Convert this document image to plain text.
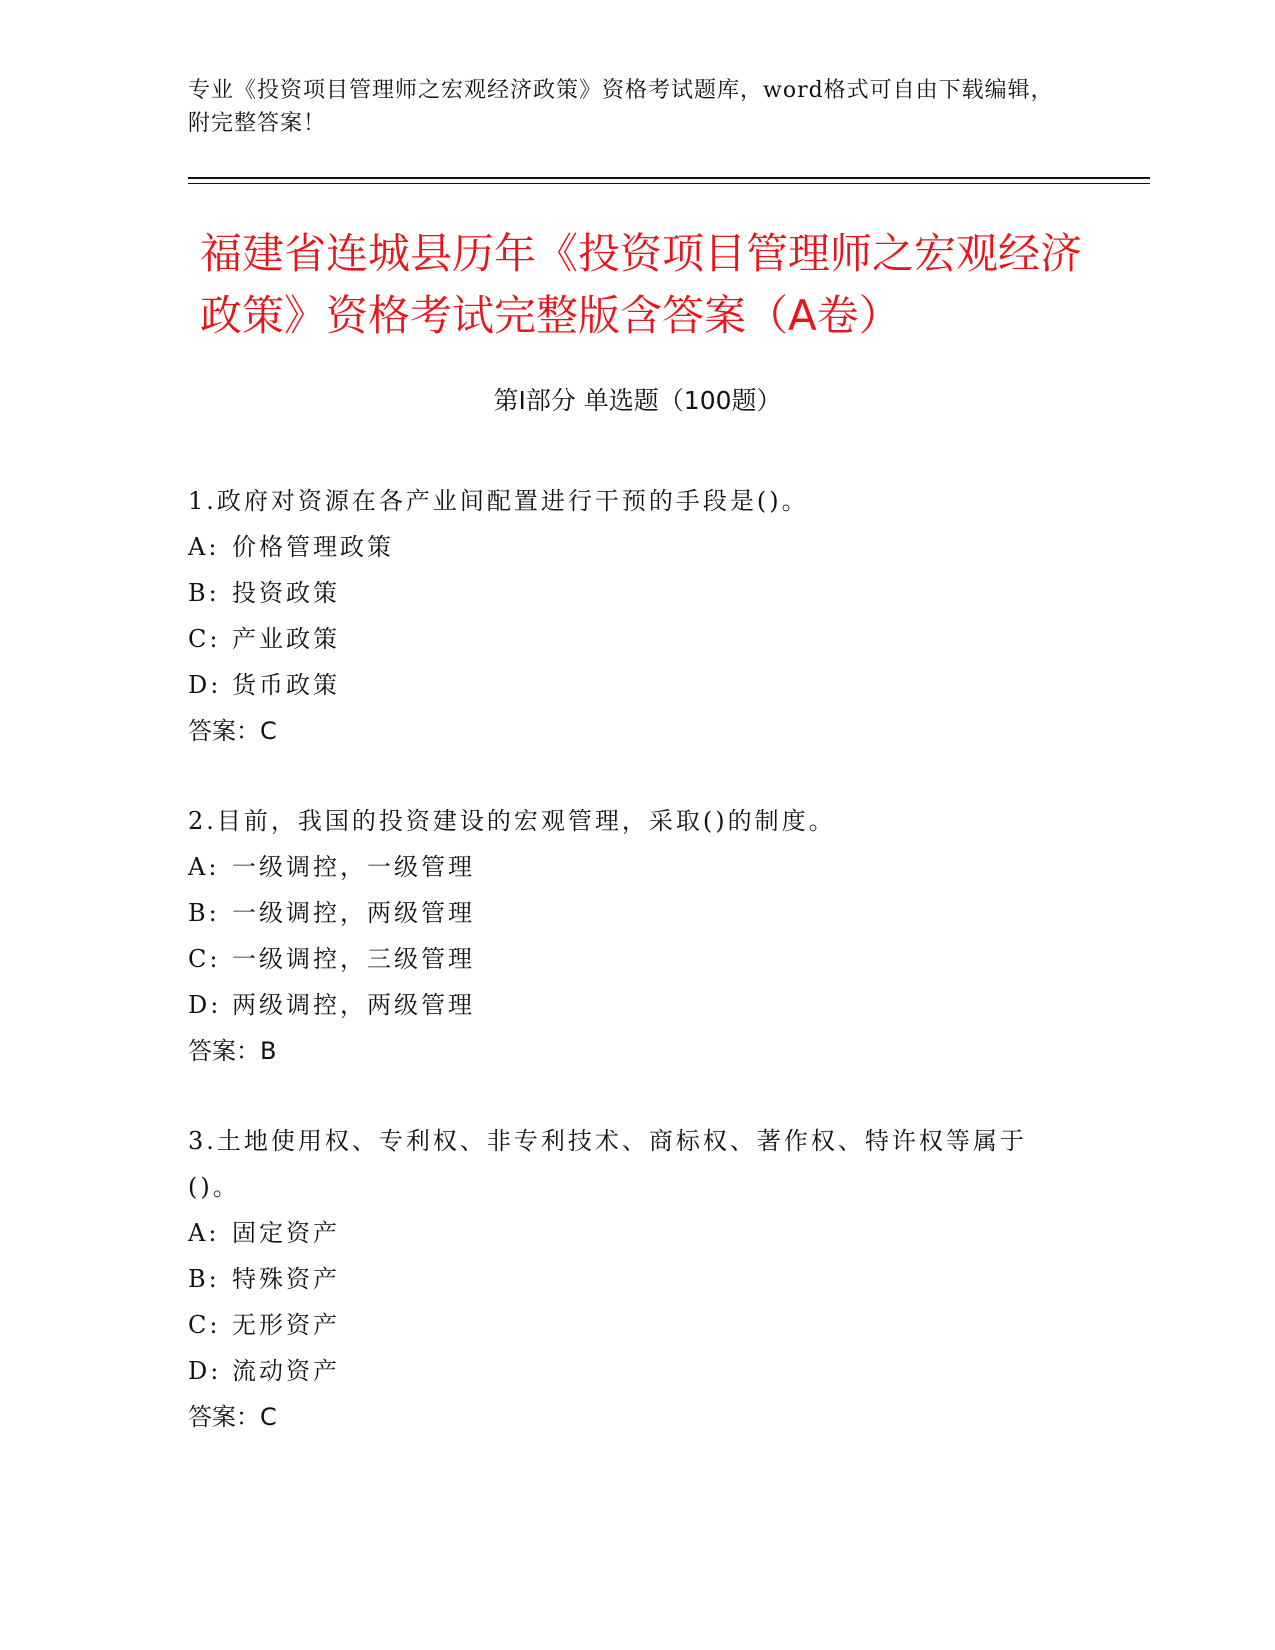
专业《投资项目管理师之宏观经济政策》资格考试题库，word格式可自由下载编辑，附完整答案！
福建省连城县历年《投资项目管理师之宏观经济政策》资格考试完整版含答案（A卷）
第I部分 单选题（100题）
1.政府对资源在各产业间配置进行干预的手段是()。
A: 价格管理政策
B: 投资政策
C: 产业政策
D: 货币政策
答案：C
2.目前，我国的投资建设的宏观管理，采取()的制度。
A: 一级调控，一级管理
B: 一级调控，两级管理
C: 一级调控，三级管理
D: 两级调控，两级管理
答案：B
3.土地使用权、专利权、非专利技术、商标权、著作权、特许权等属于()。
A: 固定资产
B: 特殊资产
C: 无形资产
D: 流动资产
答案：C
